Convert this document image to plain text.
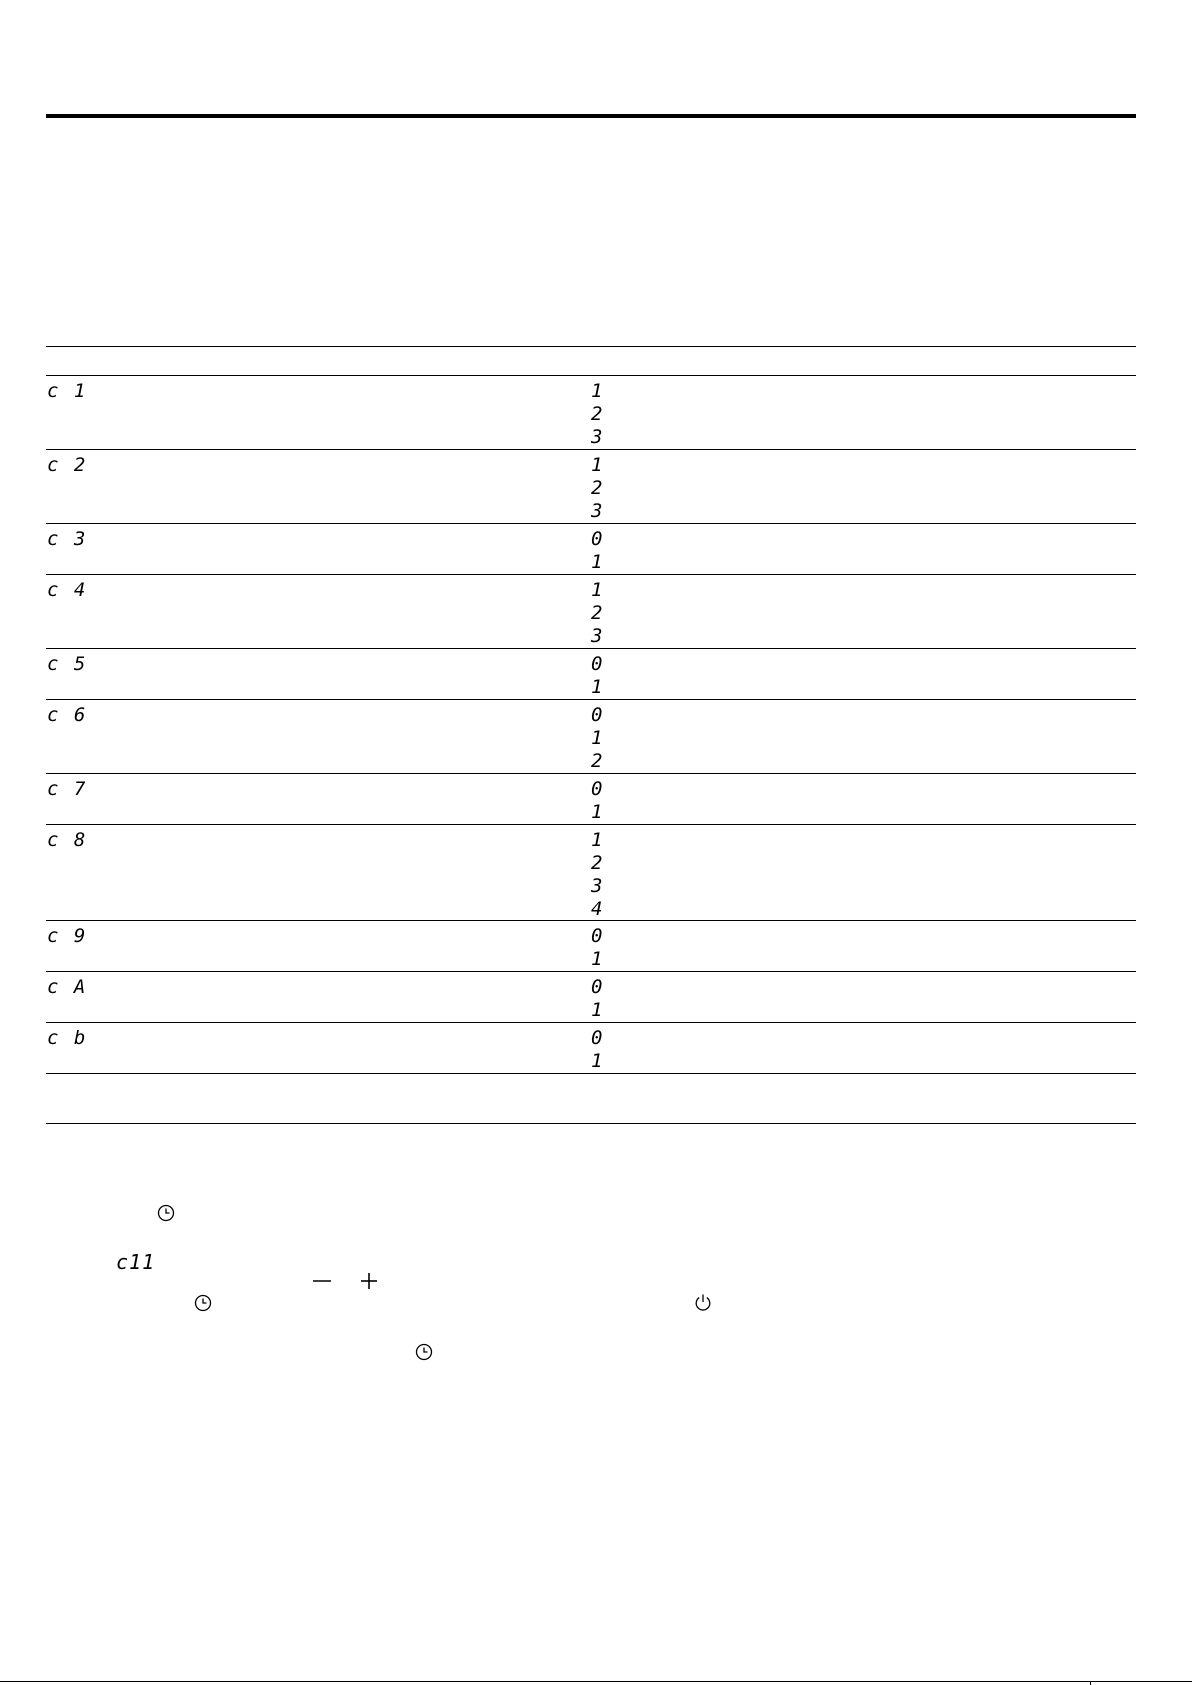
c 1	1
2
3
c 2	1
2
3
c 3	0
1
c 4	1
2
3
c 5	0
1
c 6	0
1
2
c 7	0
1
c 8	1
2
3
4
c 9	0
1
c A	0
1
c b	0
1
c11
